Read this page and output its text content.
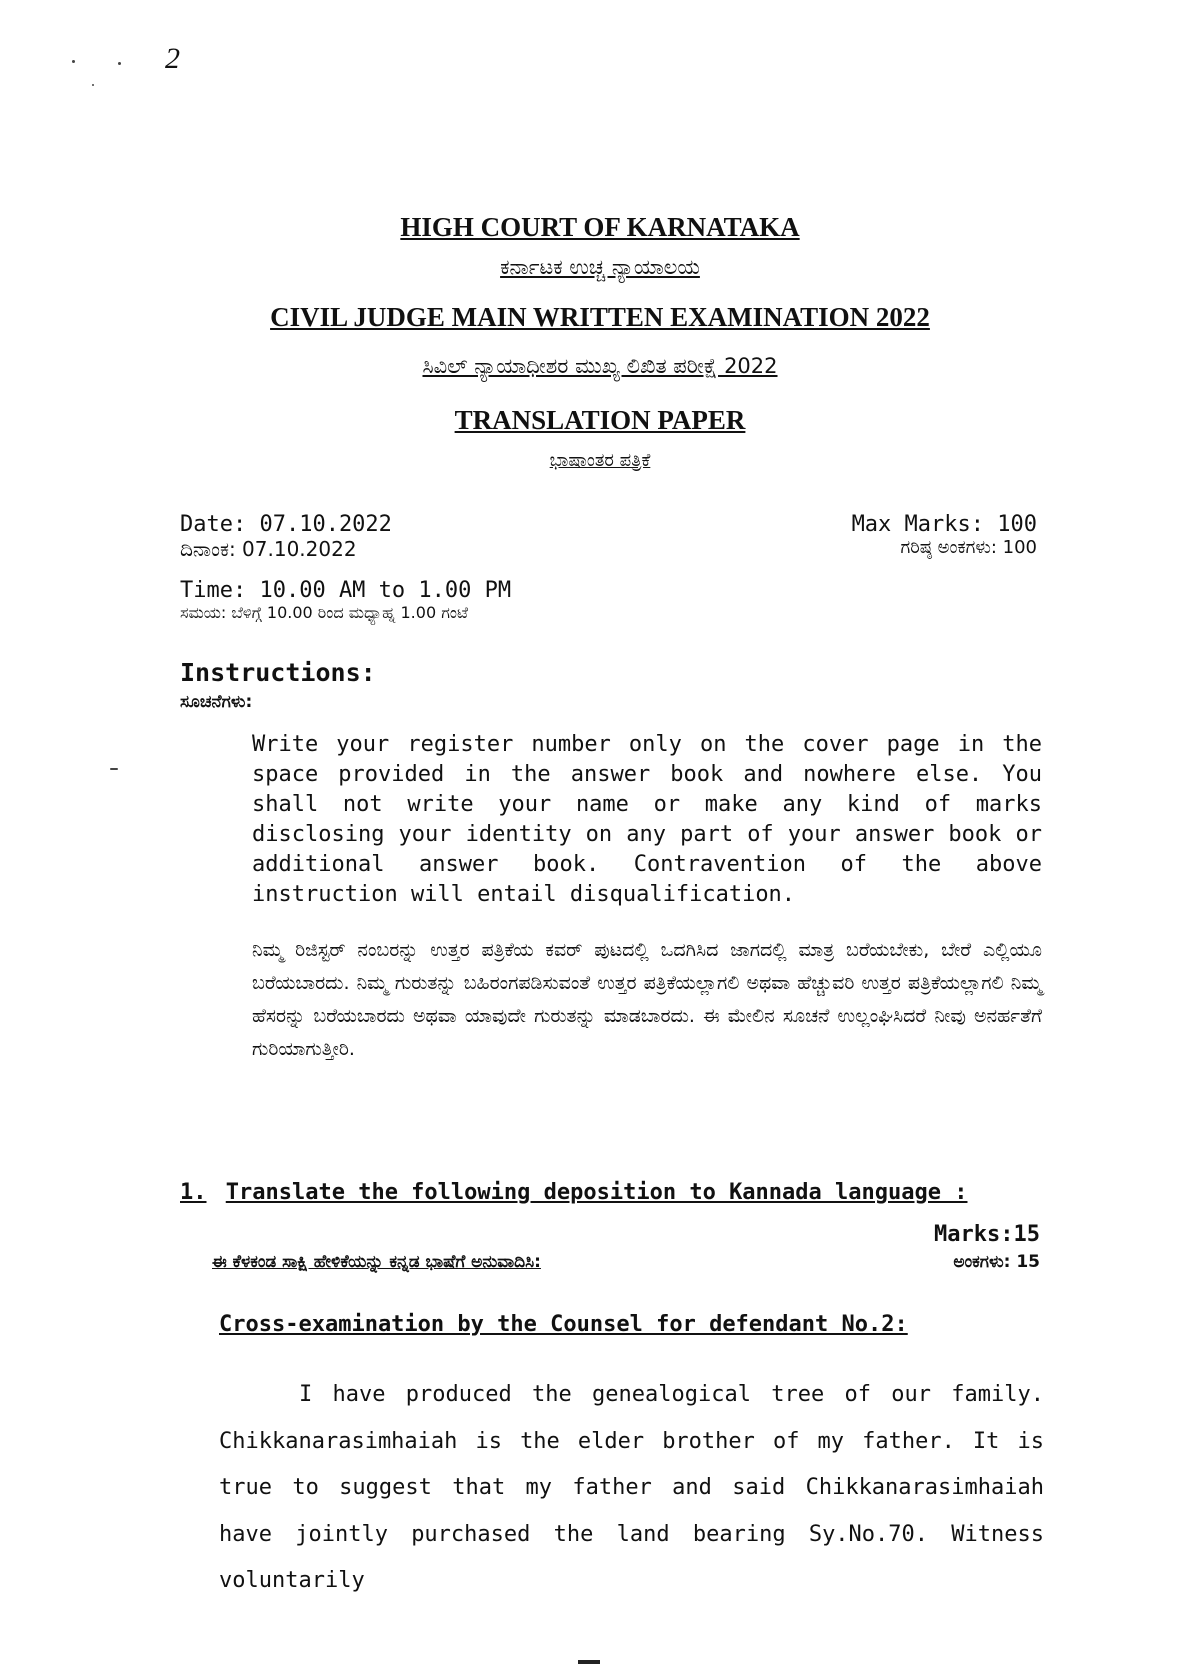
2
HIGH COURT OF KARNATAKA
ಕರ್ನಾಟಕ ಉಚ್ಚ ನ್ಯಾಯಾಲಯ
CIVIL JUDGE MAIN WRITTEN EXAMINATION 2022
ಸಿವಿಲ್ ನ್ಯಾಯಾಧೀಶರ ಮುಖ್ಯ ಲಿಖಿತ ಪರೀಕ್ಷೆ 2022
TRANSLATION PAPER
ಭಾಷಾಂತರ ಪತ್ರಿಕೆ
Date: 07.10.2022
ದಿನಾಂಕ: 07.10.2022
Max Marks: 100
ಗರಿಷ್ಠ ಅಂಕಗಳು: 100
Time: 10.00 AM to 1.00 PM
ಸಮಯ: ಬೆಳಿಗ್ಗೆ 10.00 ರಿಂದ ಮಧ್ಯಾಹ್ನ 1.00 ಗಂಟೆ
Instructions:
ಸೂಚನೆಗಳು:
Write your register number only on the cover page in the space provided in the answer book and nowhere else. You shall not write your name or make any kind of marks disclosing your identity on any part of your answer book or additional answer book. Contravention of the above instruction will entail disqualification.
ನಿಮ್ಮ ರಿಜಿಸ್ಟರ್ ನಂಬರನ್ನು ಉತ್ತರ ಪತ್ರಿಕೆಯ ಕವರ್ ಪುಟದಲ್ಲಿ ಒದಗಿಸಿದ ಜಾಗದಲ್ಲಿ ಮಾತ್ರ ಬರೆಯಬೇಕು, ಬೇರೆ ಎಲ್ಲಿಯೂ ಬರೆಯಬಾರದು. ನಿಮ್ಮ ಗುರುತನ್ನು ಬಹಿರಂಗಪಡಿಸುವಂತೆ ಉತ್ತರ ಪತ್ರಿಕೆಯಲ್ಲಾಗಲಿ ಅಥವಾ ಹೆಚ್ಚುವರಿ ಉತ್ತರ ಪತ್ರಿಕೆಯಲ್ಲಾಗಲಿ ನಿಮ್ಮ ಹೆಸರನ್ನು ಬರೆಯಬಾರದು ಅಥವಾ ಯಾವುದೇ ಗುರುತನ್ನು ಮಾಡಬಾರದು. ಈ ಮೇಲಿನ ಸೂಚನೆ ಉಲ್ಲಂಘಿಸಿದರೆ ನೀವು ಅನರ್ಹತೆಗೆ ಗುರಿಯಾಗುತ್ತೀರಿ.
1. Translate the following deposition to Kannada language :
Marks:15
ಈ ಕೆಳಕಂಡ ಸಾಕ್ಷಿ ಹೇಳಿಕೆಯನ್ನು ಕನ್ನಡ ಭಾಷೆಗೆ ಅನುವಾದಿಸಿ:	ಅಂಕಗಳು: 15
Cross-examination by the Counsel for defendant No.2:
I have produced the genealogical tree of our family. Chikkanarasimhaiah is the elder brother of my father. It is true to suggest that my father and said Chikkanarasimhaiah have jointly purchased the land bearing Sy.No.70. Witness voluntarily
